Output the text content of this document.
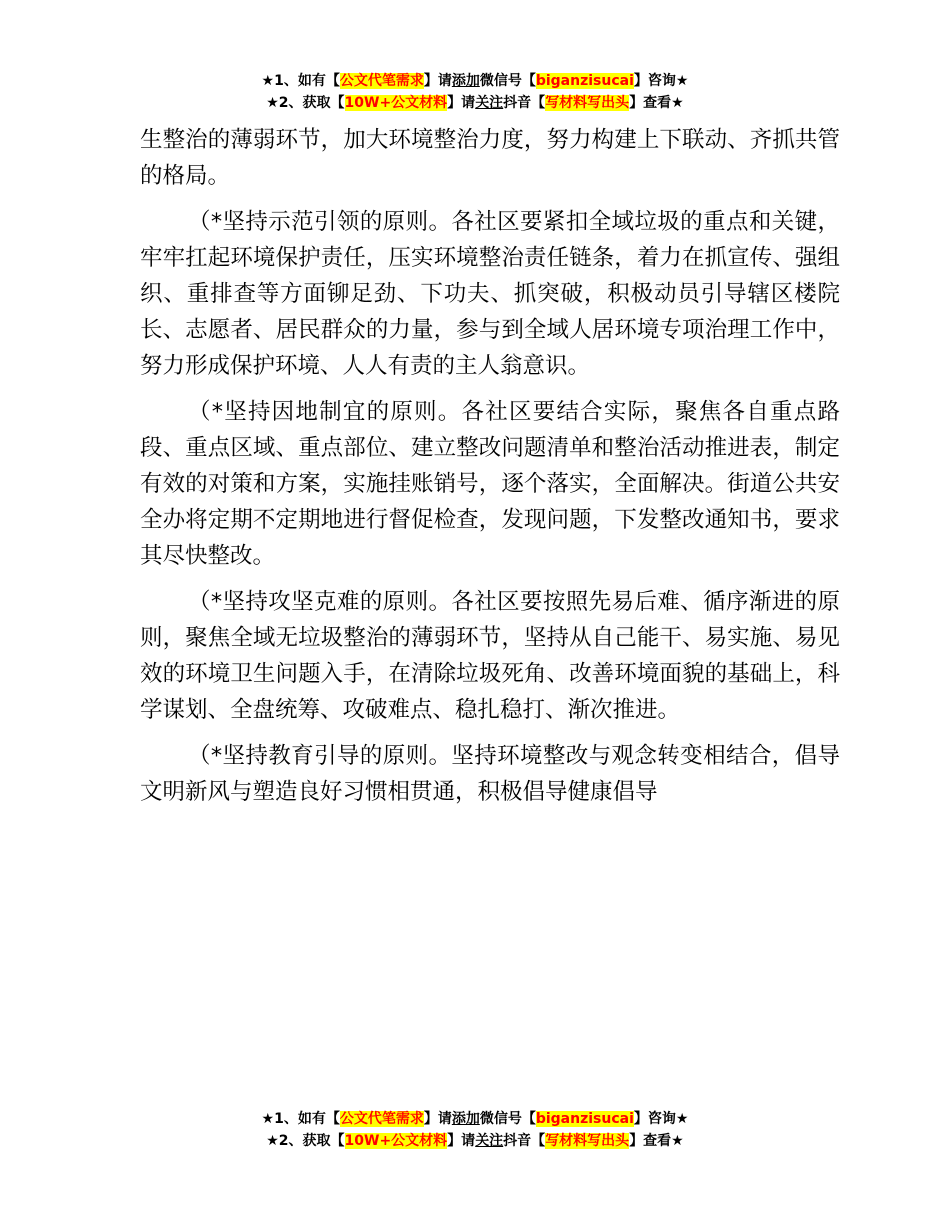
★1、如有【公文代笔需求】请添加微信号【biganzisucai】咨询★
★2、获取【10W+公文材料】请关注抖音【写材料写出头】查看★

生整治的薄弱环节，加大环境整治力度，努力构建上下联动、齐抓共管的格局。

（*坚持示范引领的原则。各社区要紧扣全域垃圾的重点和关键，牢牢扛起环境保护责任，压实环境整治责任链条，着力在抓宣传、强组织、重排查等方面铆足劲、下功夫、抓突破，积极动员引导辖区楼院长、志愿者、居民群众的力量，参与到全域人居环境专项治理工作中，努力形成保护环境、人人有责的主人翁意识。

（*坚持因地制宜的原则。各社区要结合实际，聚焦各自重点路段、重点区域、重点部位、建立整改问题清单和整治活动推进表，制定有效的对策和方案，实施挂账销号，逐个落实，全面解决。街道公共安全办将定期不定期地进行督促检查，发现问题，下发整改通知书，要求其尽快整改。

（*坚持攻坚克难的原则。各社区要按照先易后难、循序渐进的原则，聚焦全域无垃圾整治的薄弱环节，坚持从自己能干、易实施、易见效的环境卫生问题入手，在清除垃圾死角、改善环境面貌的基础上，科学谋划、全盘统筹、攻破难点、稳扎稳打、渐次推进。

（*坚持教育引导的原则。坚持环境整改与观念转变相结合，倡导文明新风与塑造良好习惯相贯通，积极倡导健康倡导

★1、如有【公文代笔需求】请添加微信号【biganzisucai】咨询★
★2、获取【10W+公文材料】请关注抖音【写材料写出头】查看★
